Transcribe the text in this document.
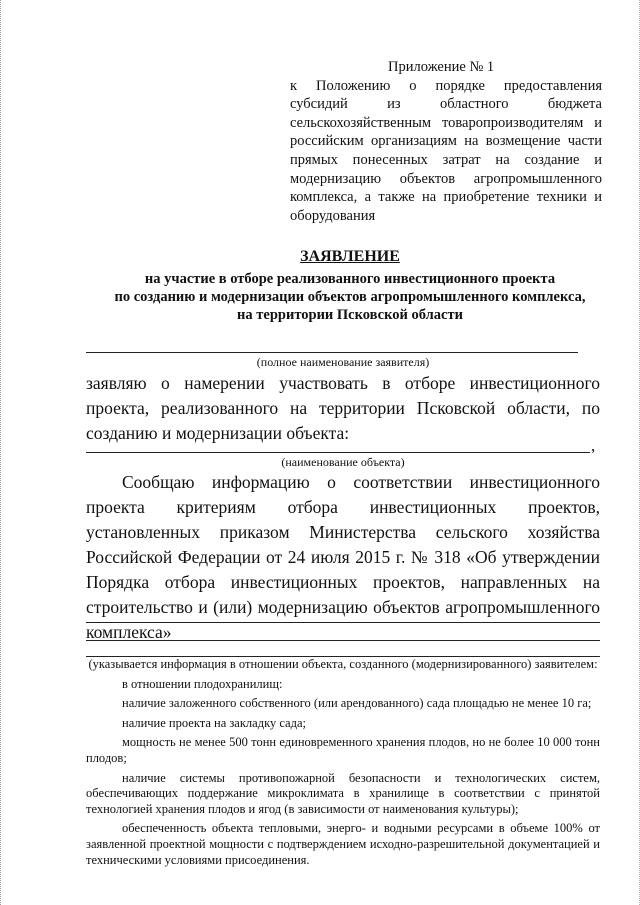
Приложение № 1

к Положению о порядке предоставления субсидий из областного бюджета сельскохозяйственным товаропроизводителям и российским организациям на возмещение части прямых понесенных затрат на создание и модернизацию объектов агропромышленного комплекса, а также на приобретение техники и оборудования

ЗАЯВЛЕНИЕ
на участие в отборе реализованного инвестиционного проекта
по созданию и модернизации объектов агропромышленного комплекса,
на территории Псковской области
(полное наименование заявителя)
заявляю о намерении участвовать в отборе инвестиционного проекта, реализованного на территории Псковской области, по созданию и модернизации объекта:
,
(наименование объекта)
Сообщаю информацию о соответствии инвестиционного проекта критериям отбора инвестиционных проектов, установленных приказом Министерства сельского хозяйства Российской Федерации от 24 июля 2015 г. № 318 «Об утверждении Порядка отбора инвестиционных проектов, направленных на строительство и (или) модернизацию объектов агропромышленного комплекса»

(указывается информация в отношении объекта, созданного (модернизированного) заявителем:

в отношении плодохранилищ:

наличие заложенного собственного (или арендованного) сада площадью не менее 10 га;

наличие проекта на закладку сада;

мощность не менее 500 тонн единовременного хранения плодов, но не более 10 000 тонн плодов;

наличие системы противопожарной безопасности и технологических систем, обеспечивающих поддержание микроклимата в хранилище в соответствии с принятой технологией хранения плодов и ягод (в зависимости от наименования культуры);

обеспеченность объекта тепловыми, энерго- и водными ресурсами в объеме 100% от заявленной проектной мощности с подтверждением исходно-разрешительной документацией и техническими условиями присоединения.
